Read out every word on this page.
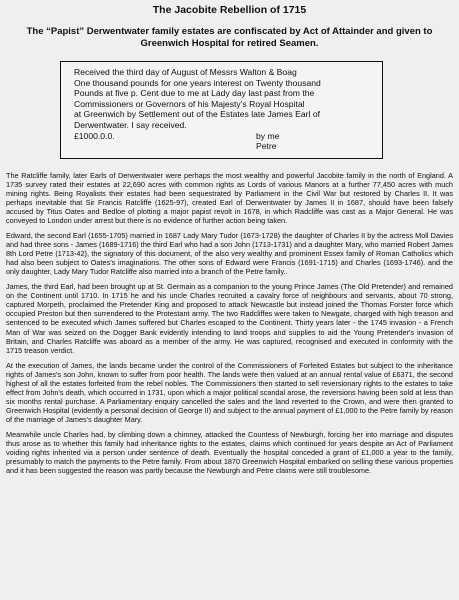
The Jacobite Rebellion of 1715
The “Papist” Derwentwater family estates are confiscated by Act of Attainder and given to Greenwich Hospital for retired Seamen.
Received the third day of August of Messrs Walton & Boag
One thousand pounds for one years interest on Twenty thousand
Pounds at five p. Cent due to me at Lady day last past from the
Commissioners or Governors of his Majesty’s Royal Hospital
at Greenwich by Settlement out of the Estates late James Earl of
Derwentwater. I say received.
£1000.0.0.	by me
Petre

The Ratcliffe family, later Earls of Derwentwater were perhaps the most wealthy and powerful Jacobite family in the north of England. A 1735 survey rated their estates at 22,690 acres with common rights as Lords of various Manors at a further 77,450 acres with much mining rights. Being Royalists their estates had been sequestrated by Parliament in the Civil War but restored by Charles II. It was perhaps inevitable that Sir Francis Ratcliffe (1625-97), created Earl of Derwentwater by James II in 1687, should have been falsely accused by Titus Oates and Bedloe of plotting a major papist revolt in 1678, in which Radcliffe was cast as a Major General. He was conveyed to London under arrest but there is no evidence of further action being taken.

Edward, the second Earl (1655-1705) married in 1687 Lady Mary Tudor (1673-1728) the daughter of Charles II by the actress Moll Davies and had three sons - James (1689-1716) the third Earl who had a son John (1713-1731) and a daughter Mary, who married Robert James 8th Lord Petre (1713-42), the signatory of this document, of the also very wealthy and prominent Essex family of Roman Catholics which had also been subject to Oates's imaginations. The other sons of Edward were Francis (1691-1715) and Charles (1693-1746). and the only daughter, Lady Mary Tudor Ratcliffe also married into a branch of the Petre family..

James, the third Earl, had been brought up at St. Germain as a companion to the young Prince James (The Old Pretender) and remained on the Continent until 1710. In 1715 he and his uncle Charles recruited a cavalry force of neighbours and servants, about 70 strong, captured Morpeth, proclaimed the Pretender King and proposed to attack Newcastle but instead joined the Thomas Forster force which occupied Preston but then surrendered to the Protestant army. The two Radcliffes were taken to Newgate, charged with high treason and sentenced to be executed which James suffered but Charles escaped to the Continent. Thirty years later - the 1745 invasion - a French Man of War was seized on the Dogger Bank evidently intending to land troops and supplies to aid the Young Pretender's invasion of Britain, and Charles Ratcliffe was aboard as a member of the army. He was captured, recognised and executed in conformity with the 1715 treason verdict.

At the execution of James, the lands became under the control of the Commissioners of Forfeited Estates but subject to the inheritance rights of James's son John, known to suffer from poor health. The lands were then valued at an annual rental value of £6371, the second highest of all the estates forfeited from the rebel nobles. The Commissioners then started to sell reversionary rights to the estates to take effect from John's death, which occurred in 1731, upon which a major political scandal arose, the reversions having been sold at less than six months rental purchase. A Parliamentary enquiry cancelled the sales and the land reverted to the Crown, and were then granted to Greenwich Hospital (evidently a personal decision of George II) and subject to the annual payment of £1,000 to the Petre family by reason of the marriage of James's daughter Mary.

Meanwhile uncle Charles had, by climbing down a chimney, attacked the Countess of Newburgh, forcing her into marriage and disputes thus arose as to whether this family had inheritance rights to the estates, claims which continued for years despite an Act of Parliament voiding rights inherited via a person under sentence of death. Eventually the hospital conceded a grant of £1,000 a year to the family, presumably to match the payments to the Petre family. From about 1870 Greenwich Hospital embarked on selling these various properties and it has been suggested the reason was partly because the Newburgh and Petre claims were still troublesome.
